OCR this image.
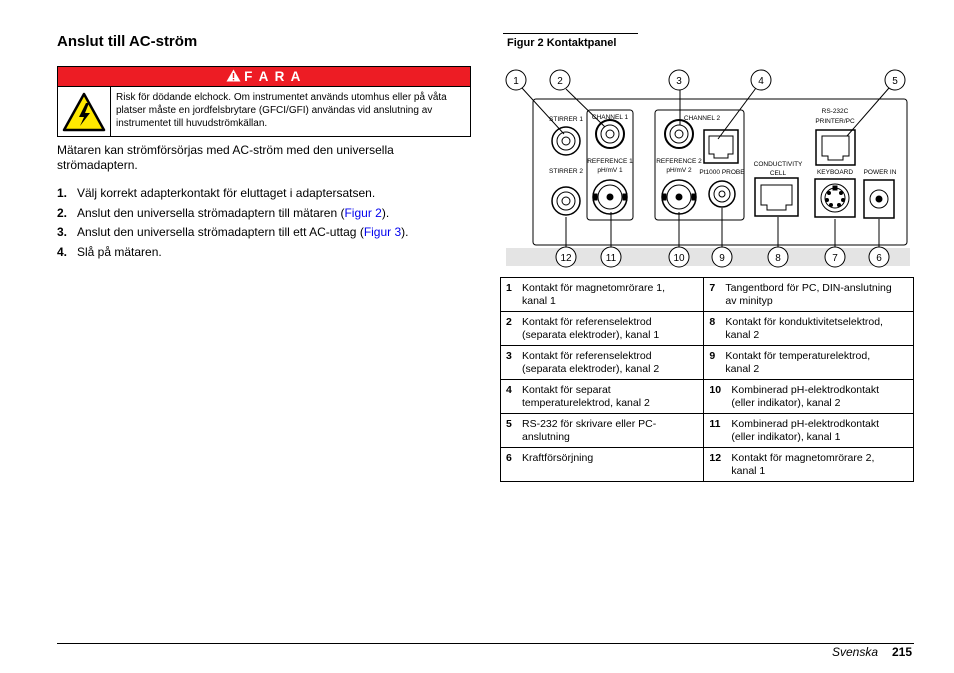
Anslut till AC-ström
F A R A
Risk för dödande elchock. Om instrumentet används utomhus eller på våta platser måste en jordfelsbrytare (GFCI/GFI) användas vid anslutning av instrumentet till huvudströmkällan.
Mätaren kan strömförsörjas med AC-ström med den universella strömadaptern.
1. Välj korrekt adapterkontakt för eluttaget i adaptersatsen.
2. Anslut den universella strömadaptern till mätaren (Figur 2).
3. Anslut den universella strömadaptern till ett AC-uttag (Figur 3).
4. Slå på mätaren.
Figur 2 Kontaktpanel
STIRRER 1
STIRRER 2
CHANNEL 1
REFERENCE 1
pH/mV 1
CHANNEL 2
REFERENCE 2
pH/mV 2 Pt1000 PROBE
CONDUCTIVITY
CELL
RS-232C
PRINTER/PC
KEYBOARD POWER IN
1	2	3	4	5
12	11	10	9	8	7	6
1 Kontakt för magnetomrörare 1, kanal 1	7 Tangentbord för PC, DIN-anslutning av minityp
2 Kontakt för referenselektrod (separata elektroder), kanal 1	8 Kontakt för konduktivitetselektrod, kanal 2
3 Kontakt för referenselektrod (separata elektroder), kanal 2	9 Kontakt för temperaturelektrod, kanal 2
4 Kontakt för separat temperaturelektrod, kanal 2	10 Kombinerad pH-elektrodkontakt (eller indikator), kanal 2
5 RS-232 för skrivare eller PC-anslutning	11 Kombinerad pH-elektrodkontakt (eller indikator), kanal 1
6 Kraftförsörjning	12 Kontakt för magnetomrörare 2, kanal 1
Svenska 215
